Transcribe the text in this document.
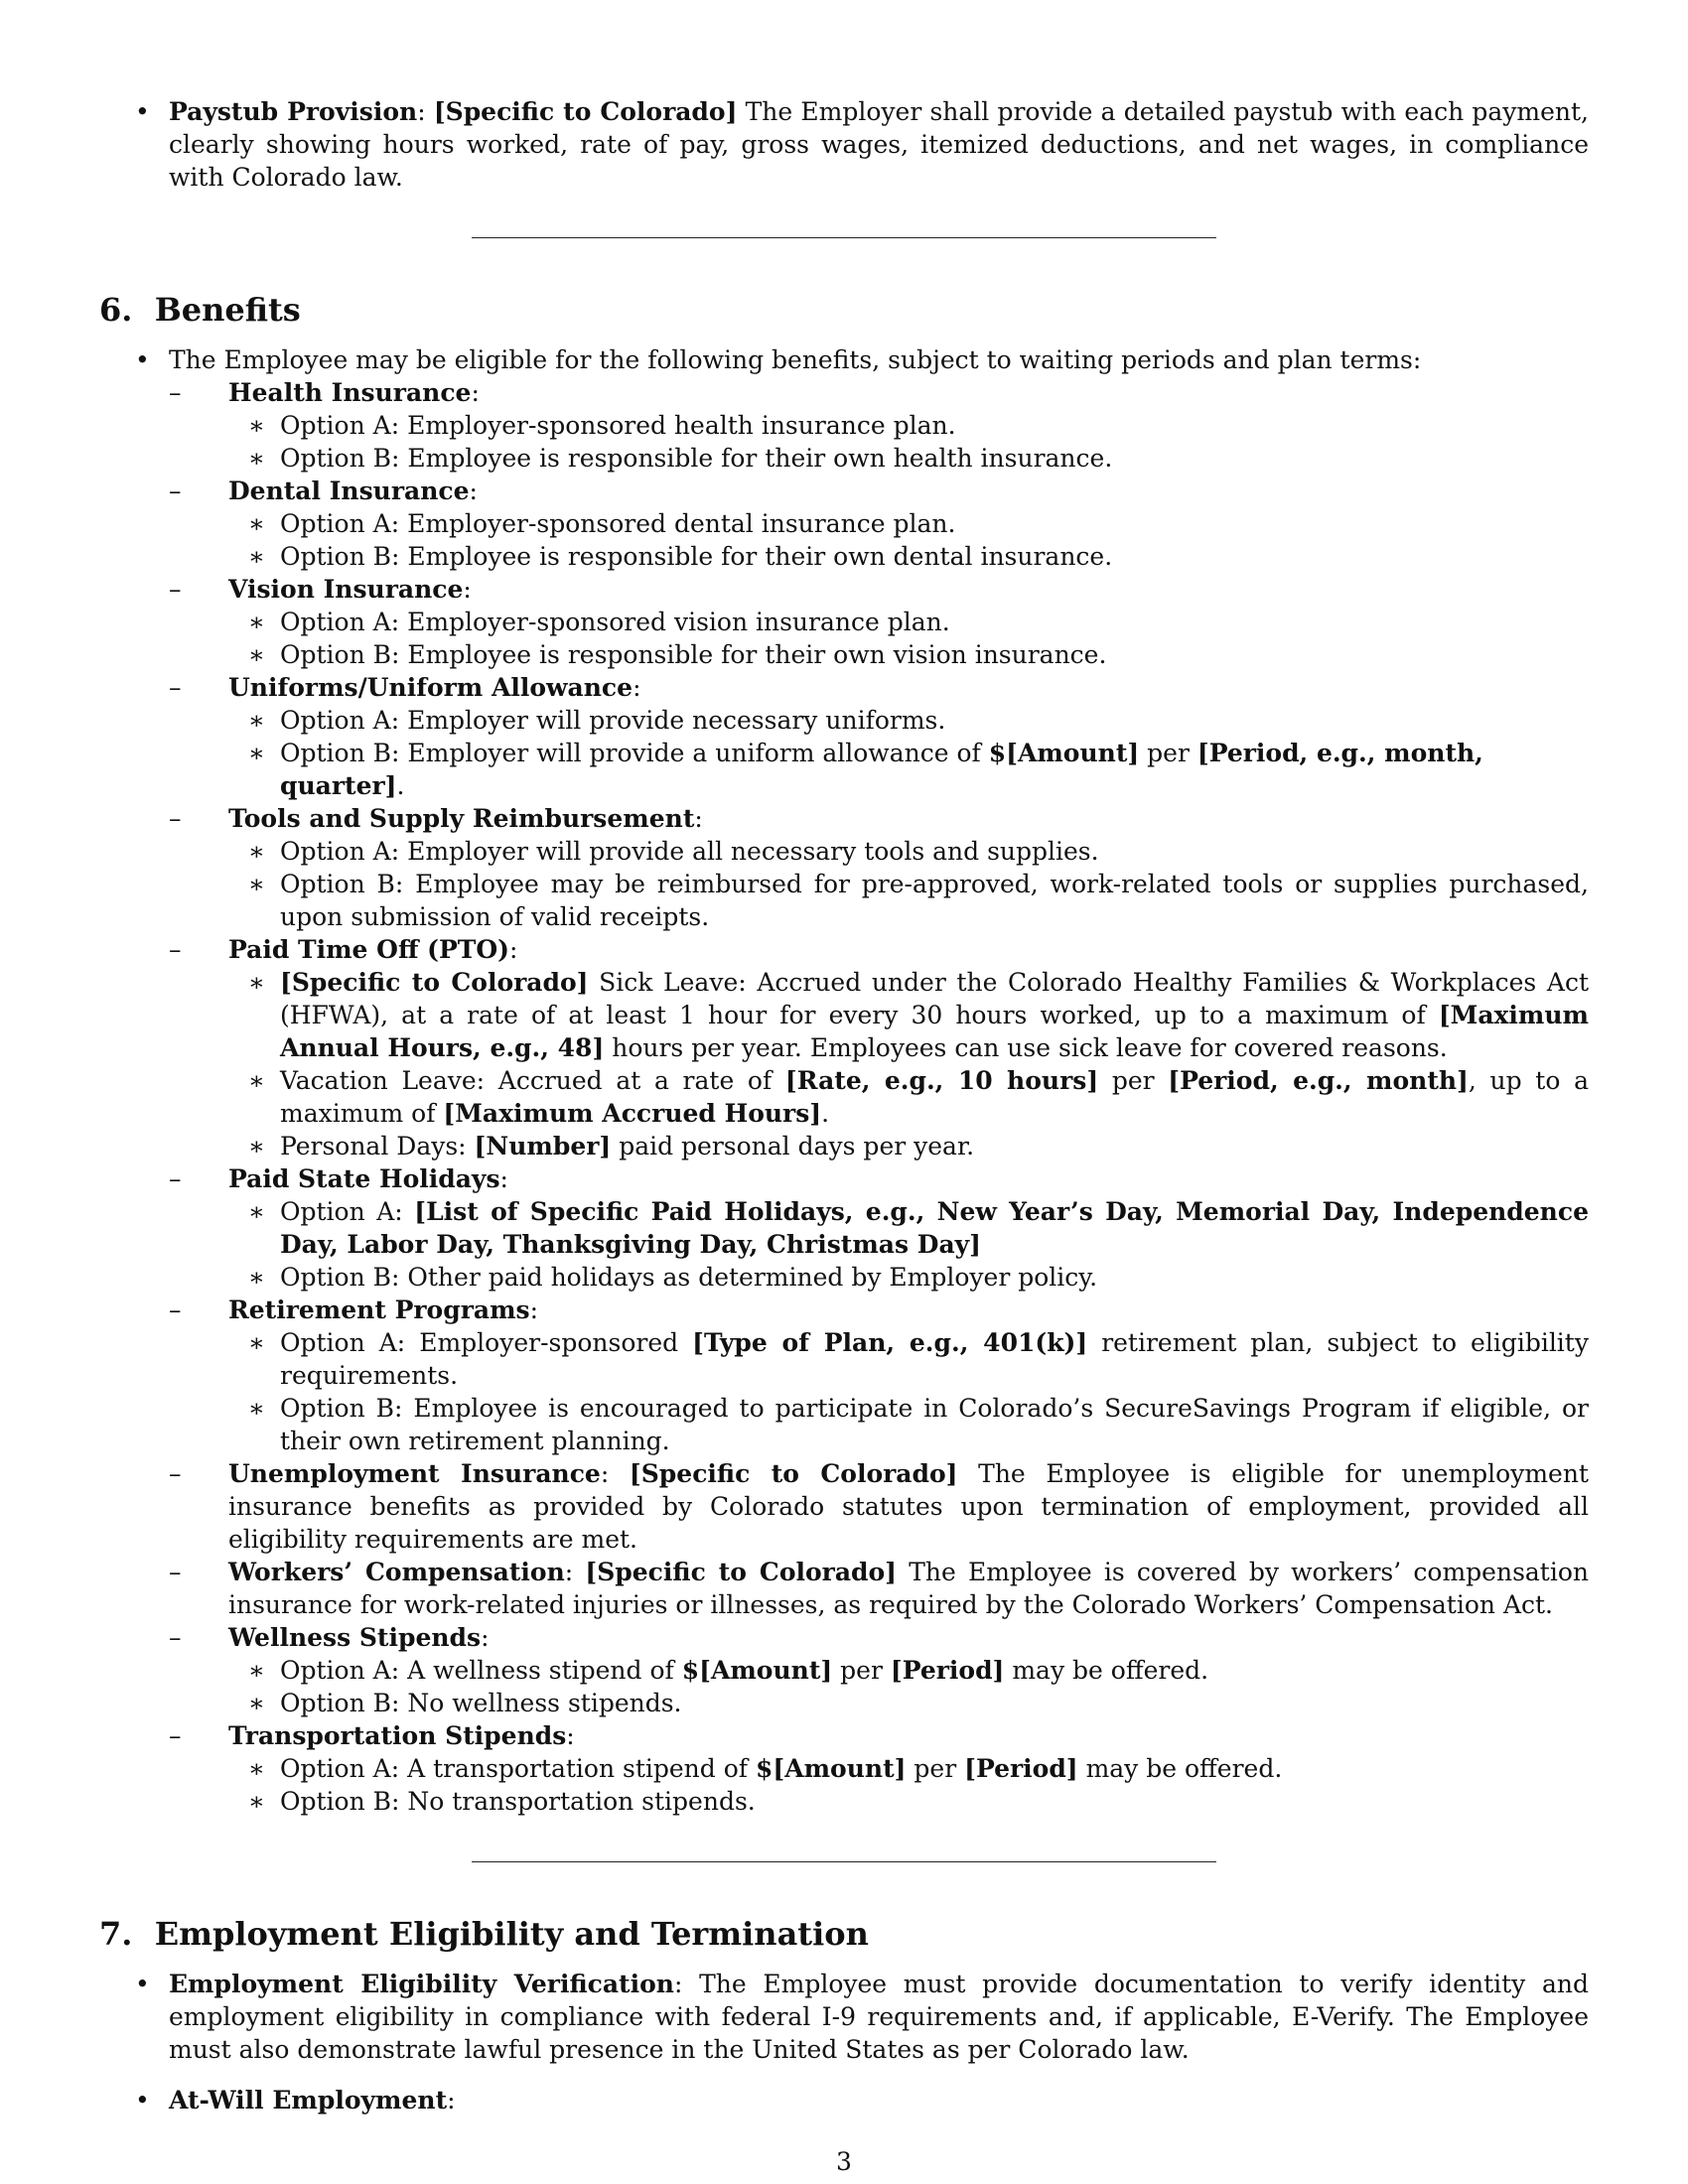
• Paystub Provision: [Specific to Colorado] The Employer shall provide a detailed paystub with each payment, clearly showing hours worked, rate of pay, gross wages, itemized deductions, and net wages, in compliance with Colorado law.
6. Benefits
• The Employee may be eligible for the following benefits, subject to waiting periods and plan terms:
– Health Insurance:
∗ Option A: Employer-sponsored health insurance plan.
∗ Option B: Employee is responsible for their own health insurance.
– Dental Insurance:
∗ Option A: Employer-sponsored dental insurance plan.
∗ Option B: Employee is responsible for their own dental insurance.
– Vision Insurance:
∗ Option A: Employer-sponsored vision insurance plan.
∗ Option B: Employee is responsible for their own vision insurance.
– Uniforms/Uniform Allowance:
∗ Option A: Employer will provide necessary uniforms.
∗ Option B: Employer will provide a uniform allowance of $[Amount] per [Period, e.g., month, quarter].
– Tools and Supply Reimbursement:
∗ Option A: Employer will provide all necessary tools and supplies.
∗ Option B: Employee may be reimbursed for pre-approved, work-related tools or supplies purchased, upon submission of valid receipts.
– Paid Time Off (PTO):
∗ [Specific to Colorado] Sick Leave: Accrued under the Colorado Healthy Families & Workplaces Act (HFWA), at a rate of at least 1 hour for every 30 hours worked, up to a maximum of [Maximum Annual Hours, e.g., 48] hours per year. Employees can use sick leave for covered reasons.
∗ Vacation Leave: Accrued at a rate of [Rate, e.g., 10 hours] per [Period, e.g., month], up to a maximum of [Maximum Accrued Hours].
∗ Personal Days: [Number] paid personal days per year.
– Paid State Holidays:
∗ Option A: [List of Specific Paid Holidays, e.g., New Year’s Day, Memorial Day, Independence Day, Labor Day, Thanksgiving Day, Christmas Day]
∗ Option B: Other paid holidays as determined by Employer policy.
– Retirement Programs:
∗ Option A: Employer-sponsored [Type of Plan, e.g., 401(k)] retirement plan, subject to eligibility requirements.
∗ Option B: Employee is encouraged to participate in Colorado’s SecureSavings Program if eligible, or their own retirement planning.
– Unemployment Insurance: [Specific to Colorado] The Employee is eligible for unemployment insurance benefits as provided by Colorado statutes upon termination of employment, provided all eligibility requirements are met.
– Workers’ Compensation: [Specific to Colorado] The Employee is covered by workers’ compensation insurance for work-related injuries or illnesses, as required by the Colorado Workers’ Compensation Act.
– Wellness Stipends:
∗ Option A: A wellness stipend of $[Amount] per [Period] may be offered.
∗ Option B: No wellness stipends.
– Transportation Stipends:
∗ Option A: A transportation stipend of $[Amount] per [Period] may be offered.
∗ Option B: No transportation stipends.
7. Employment Eligibility and Termination
• Employment Eligibility Verification: The Employee must provide documentation to verify identity and employment eligibility in compliance with federal I-9 requirements and, if applicable, E-Verify. The Employee must also demonstrate lawful presence in the United States as per Colorado law.
• At-Will Employment:
3
